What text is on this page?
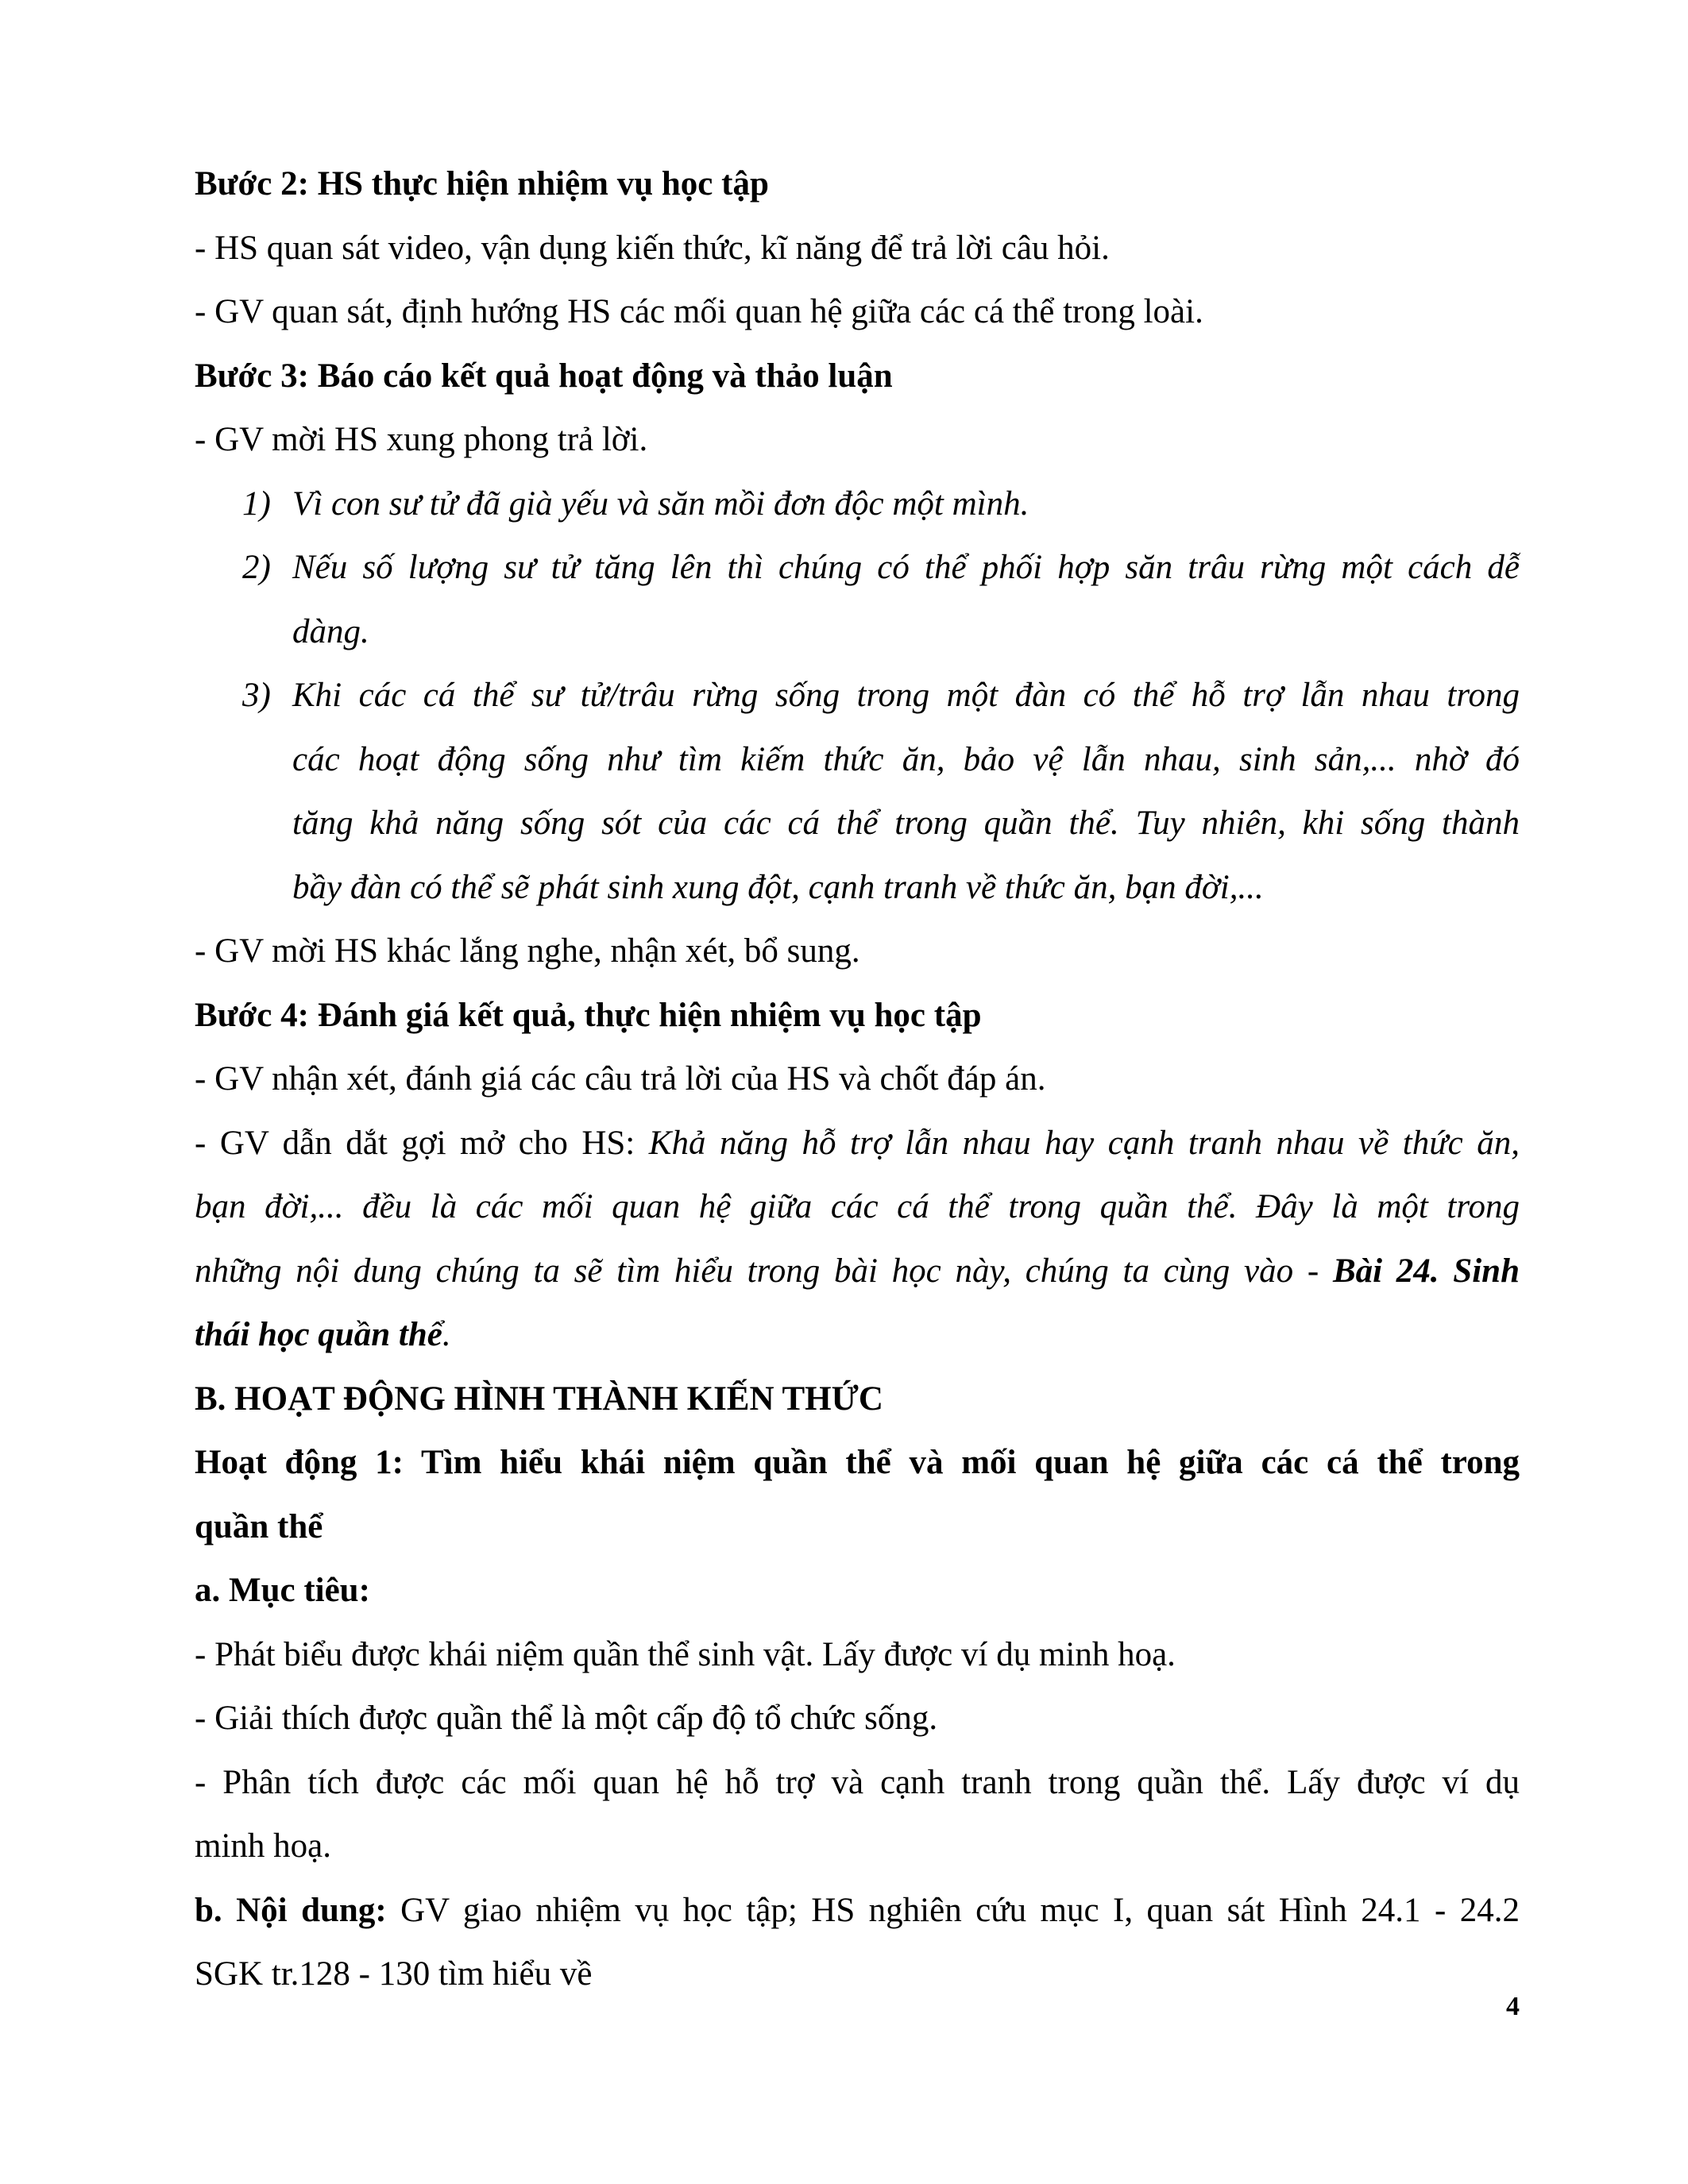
Bước 2: HS thực hiện nhiệm vụ học tập

- HS quan sát video, vận dụng kiến thức, kĩ năng để trả lời câu hỏi.

- GV quan sát, định hướng HS các mối quan hệ giữa các cá thể trong loài.

Bước 3: Báo cáo kết quả hoạt động và thảo luận

- GV mời HS xung phong trả lời.

1) Vì con sư tử đã già yếu và săn mồi đơn độc một mình.
2) Nếu số lượng sư tử tăng lên thì chúng có thể phối hợp săn trâu rừng một cách dễ
dàng.
3) Khi các cá thể sư tử/trâu rừng sống trong một đàn có thể hỗ trợ lẫn nhau trong
các hoạt động sống như tìm kiếm thức ăn, bảo vệ lẫn nhau, sinh sản,... nhờ đó
tăng khả năng sống sót của các cá thể trong quần thể. Tuy nhiên, khi sống thành
bầy đàn có thể sẽ phát sinh xung đột, cạnh tranh về thức ăn, bạn đời,...

- GV mời HS khác lắng nghe, nhận xét, bổ sung.

Bước 4: Đánh giá kết quả, thực hiện nhiệm vụ học tập

- GV nhận xét, đánh giá các câu trả lời của HS và chốt đáp án.

- GV dẫn dắt gợi mở cho HS: Khả năng hỗ trợ lẫn nhau hay cạnh tranh nhau về thức ăn,

bạn đời,... đều là các mối quan hệ giữa các cá thể trong quần thể. Đây là một trong

những nội dung chúng ta sẽ tìm hiểu trong bài học này, chúng ta cùng vào - Bài 24. Sinh

thái học quần thể.

B. HOẠT ĐỘNG HÌNH THÀNH KIẾN THỨC

Hoạt động 1: Tìm hiểu khái niệm quần thể và mối quan hệ giữa các cá thể trong

quần thể

a. Mục tiêu:

- Phát biểu được khái niệm quần thể sinh vật. Lấy được ví dụ minh hoạ.

- Giải thích được quần thể là một cấp độ tổ chức sống.

- Phân tích được các mối quan hệ hỗ trợ và cạnh tranh trong quần thể. Lấy được ví dụ

minh hoạ.

b. Nội dung: GV giao nhiệm vụ học tập; HS nghiên cứu mục I, quan sát Hình 24.1 - 24.2

SGK tr.128 - 130 tìm hiểu về

4
